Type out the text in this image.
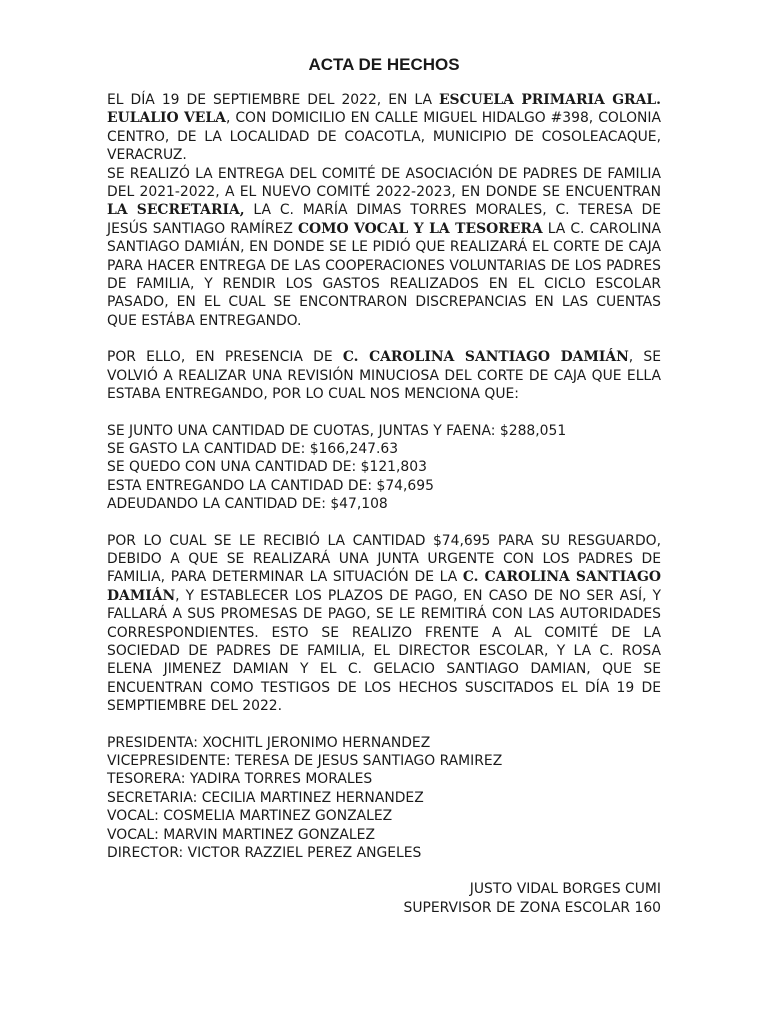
ACTA DE HECHOS

EL DÍA 19 DE SEPTIEMBRE DEL 2022, EN LA ESCUELA PRIMARIA GRAL. EULALIO VELA, CON DOMICILIO EN CALLE MIGUEL HIDALGO #398, COLONIA CENTRO, DE LA LOCALIDAD DE COACOTLA, MUNICIPIO DE COSOLEACAQUE, VERACRUZ.

SE REALIZÓ LA ENTREGA DEL COMITÉ DE ASOCIACIÓN DE PADRES DE FAMILIA DEL 2021-2022, A EL NUEVO COMITÉ 2022-2023, EN DONDE SE ENCUENTRAN LA SECRETARIA, LA C. MARÍA DIMAS TORRES MORALES, C. TERESA DE JESÚS SANTIAGO RAMÍREZ COMO VOCAL Y LA TESORERA LA C. CAROLINA SANTIAGO DAMIÁN, EN DONDE SE LE PIDIÓ QUE REALIZARÁ EL CORTE DE CAJA PARA HACER ENTREGA DE LAS COOPERACIONES VOLUNTARIAS DE LOS PADRES DE FAMILIA, Y RENDIR LOS GASTOS REALIZADOS EN EL CICLO ESCOLAR PASADO, EN EL CUAL SE ENCONTRARON DISCREPANCIAS EN LAS CUENTAS QUE ESTÁBA ENTREGANDO.

POR ELLO, EN PRESENCIA DE C. CAROLINA SANTIAGO DAMIÁN, SE VOLVIÓ A REALIZAR UNA REVISIÓN MINUCIOSA DEL CORTE DE CAJA QUE ELLA ESTABA ENTREGANDO, POR LO CUAL NOS MENCIONA QUE:

SE JUNTO UNA CANTIDAD DE CUOTAS, JUNTAS Y FAENA: $288,051
SE GASTO LA CANTIDAD DE: $166,247.63
SE QUEDO CON UNA CANTIDAD DE: $121,803
ESTA ENTREGANDO LA CANTIDAD DE: $74,695
ADEUDANDO LA CANTIDAD DE: $47,108

POR LO CUAL SE LE RECIBIÓ LA CANTIDAD $74,695 PARA SU RESGUARDO, DEBIDO A QUE SE REALIZARÁ UNA JUNTA URGENTE CON LOS PADRES DE FAMILIA, PARA DETERMINAR LA SITUACIÓN DE LA C. CAROLINA SANTIAGO DAMIÁN, Y ESTABLECER LOS PLAZOS DE PAGO, EN CASO DE NO SER ASÍ, Y FALLARÁ A SUS PROMESAS DE PAGO, SE LE REMITIRÁ CON LAS AUTORIDADES CORRESPONDIENTES. ESTO SE REALIZO FRENTE A AL COMITÉ DE LA SOCIEDAD DE PADRES DE FAMILIA, EL DIRECTOR ESCOLAR, Y LA C. ROSA ELENA JIMENEZ DAMIAN Y EL C. GELACIO SANTIAGO DAMIAN, QUE SE ENCUENTRAN COMO TESTIGOS DE LOS HECHOS SUSCITADOS EL DÍA 19 DE SEMPTIEMBRE DEL 2022.

PRESIDENTA: XOCHITL JERONIMO HERNANDEZ
VICEPRESIDENTE: TERESA DE JESUS SANTIAGO RAMIREZ
TESORERA: YADIRA TORRES MORALES
SECRETARIA: CECILIA MARTINEZ HERNANDEZ
VOCAL: COSMELIA MARTINEZ GONZALEZ
VOCAL: MARVIN MARTINEZ GONZALEZ
DIRECTOR: VICTOR RAZZIEL PEREZ ANGELES
JUSTO VIDAL BORGES CUMI
SUPERVISOR DE ZONA ESCOLAR 160
